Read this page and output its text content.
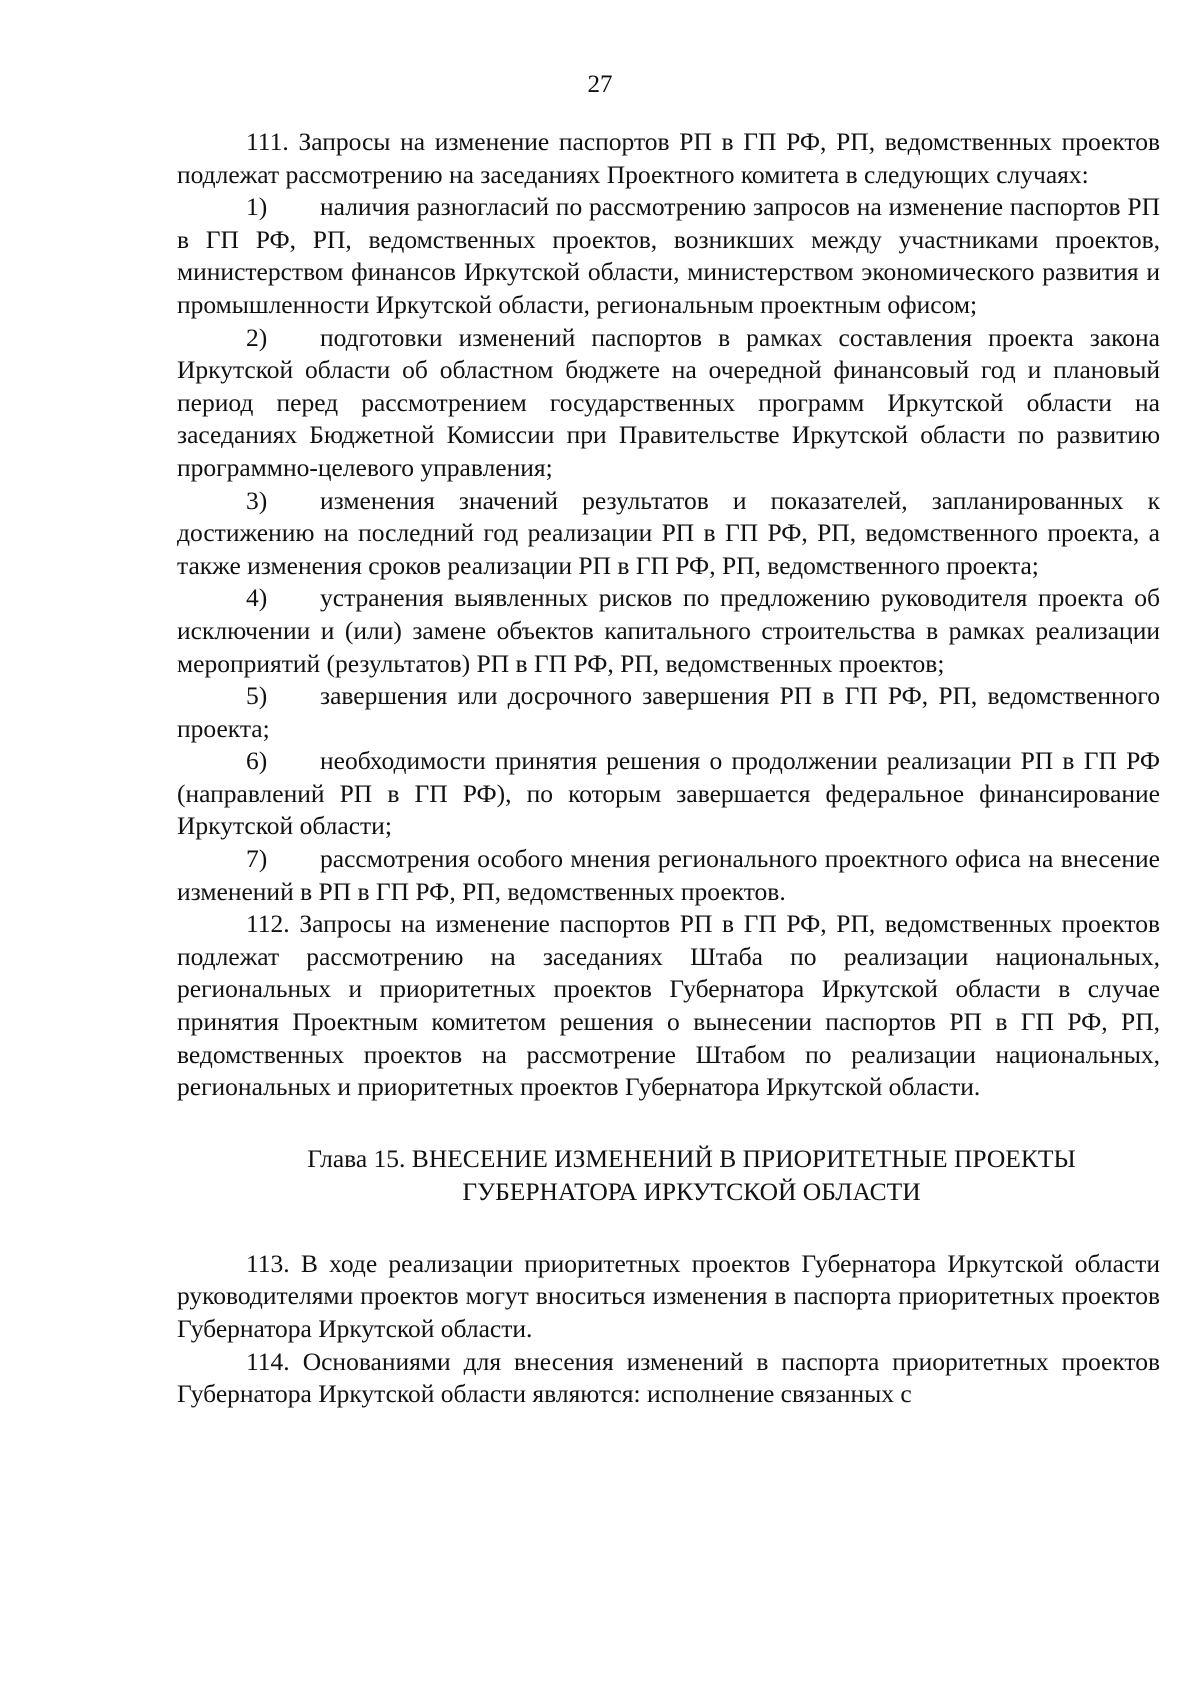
27

111. Запросы на изменение паспортов РП в ГП РФ, РП, ведомственных проектов подлежат рассмотрению на заседаниях Проектного комитета в следующих случаях:

1) наличия разногласий по рассмотрению запросов на изменение паспортов РП в ГП РФ, РП, ведомственных проектов, возникших между участниками проектов, министерством финансов Иркутской области, министерством экономического развития и промышленности Иркутской области, региональным проектным офисом;

2) подготовки изменений паспортов в рамках составления проекта закона Иркутской области об областном бюджете на очередной финансовый год и плановый период перед рассмотрением государственных программ Иркутской области на заседаниях Бюджетной Комиссии при Правительстве Иркутской области по развитию программно-целевого управления;

3) изменения значений результатов и показателей, запланированных к достижению на последний год реализации РП в ГП РФ, РП, ведомственного проекта, а также изменения сроков реализации РП в ГП РФ, РП, ведомственного проекта;

4) устранения выявленных рисков по предложению руководителя проекта об исключении и (или) замене объектов капитального строительства в рамках реализации мероприятий (результатов) РП в ГП РФ, РП, ведомственных проектов;

5) завершения или досрочного завершения РП в ГП РФ, РП, ведомственного проекта;

6) необходимости принятия решения о продолжении реализации РП в ГП РФ (направлений РП в ГП РФ), по которым завершается федеральное финансирование Иркутской области;

7) рассмотрения особого мнения регионального проектного офиса на внесение изменений в РП в ГП РФ, РП, ведомственных проектов.

112. Запросы на изменение паспортов РП в ГП РФ, РП, ведомственных проектов подлежат рассмотрению на заседаниях Штаба по реализации национальных, региональных и приоритетных проектов Губернатора Иркутской области в случае принятия Проектным комитетом решения о вынесении паспортов РП в ГП РФ, РП, ведомственных проектов на рассмотрение Штабом по реализации национальных, региональных и приоритетных проектов Губернатора Иркутской области.

Глава 15. ВНЕСЕНИЕ ИЗМЕНЕНИЙ В ПРИОРИТЕТНЫЕ ПРОЕКТЫ
ГУБЕРНАТОРА ИРКУТСКОЙ ОБЛАСТИ

113. В ходе реализации приоритетных проектов Губернатора Иркутской области руководителями проектов могут вноситься изменения в паспорта приоритетных проектов Губернатора Иркутской области.

114. Основаниями для внесения изменений в паспорта приоритетных проектов Губернатора Иркутской области являются: исполнение связанных с
